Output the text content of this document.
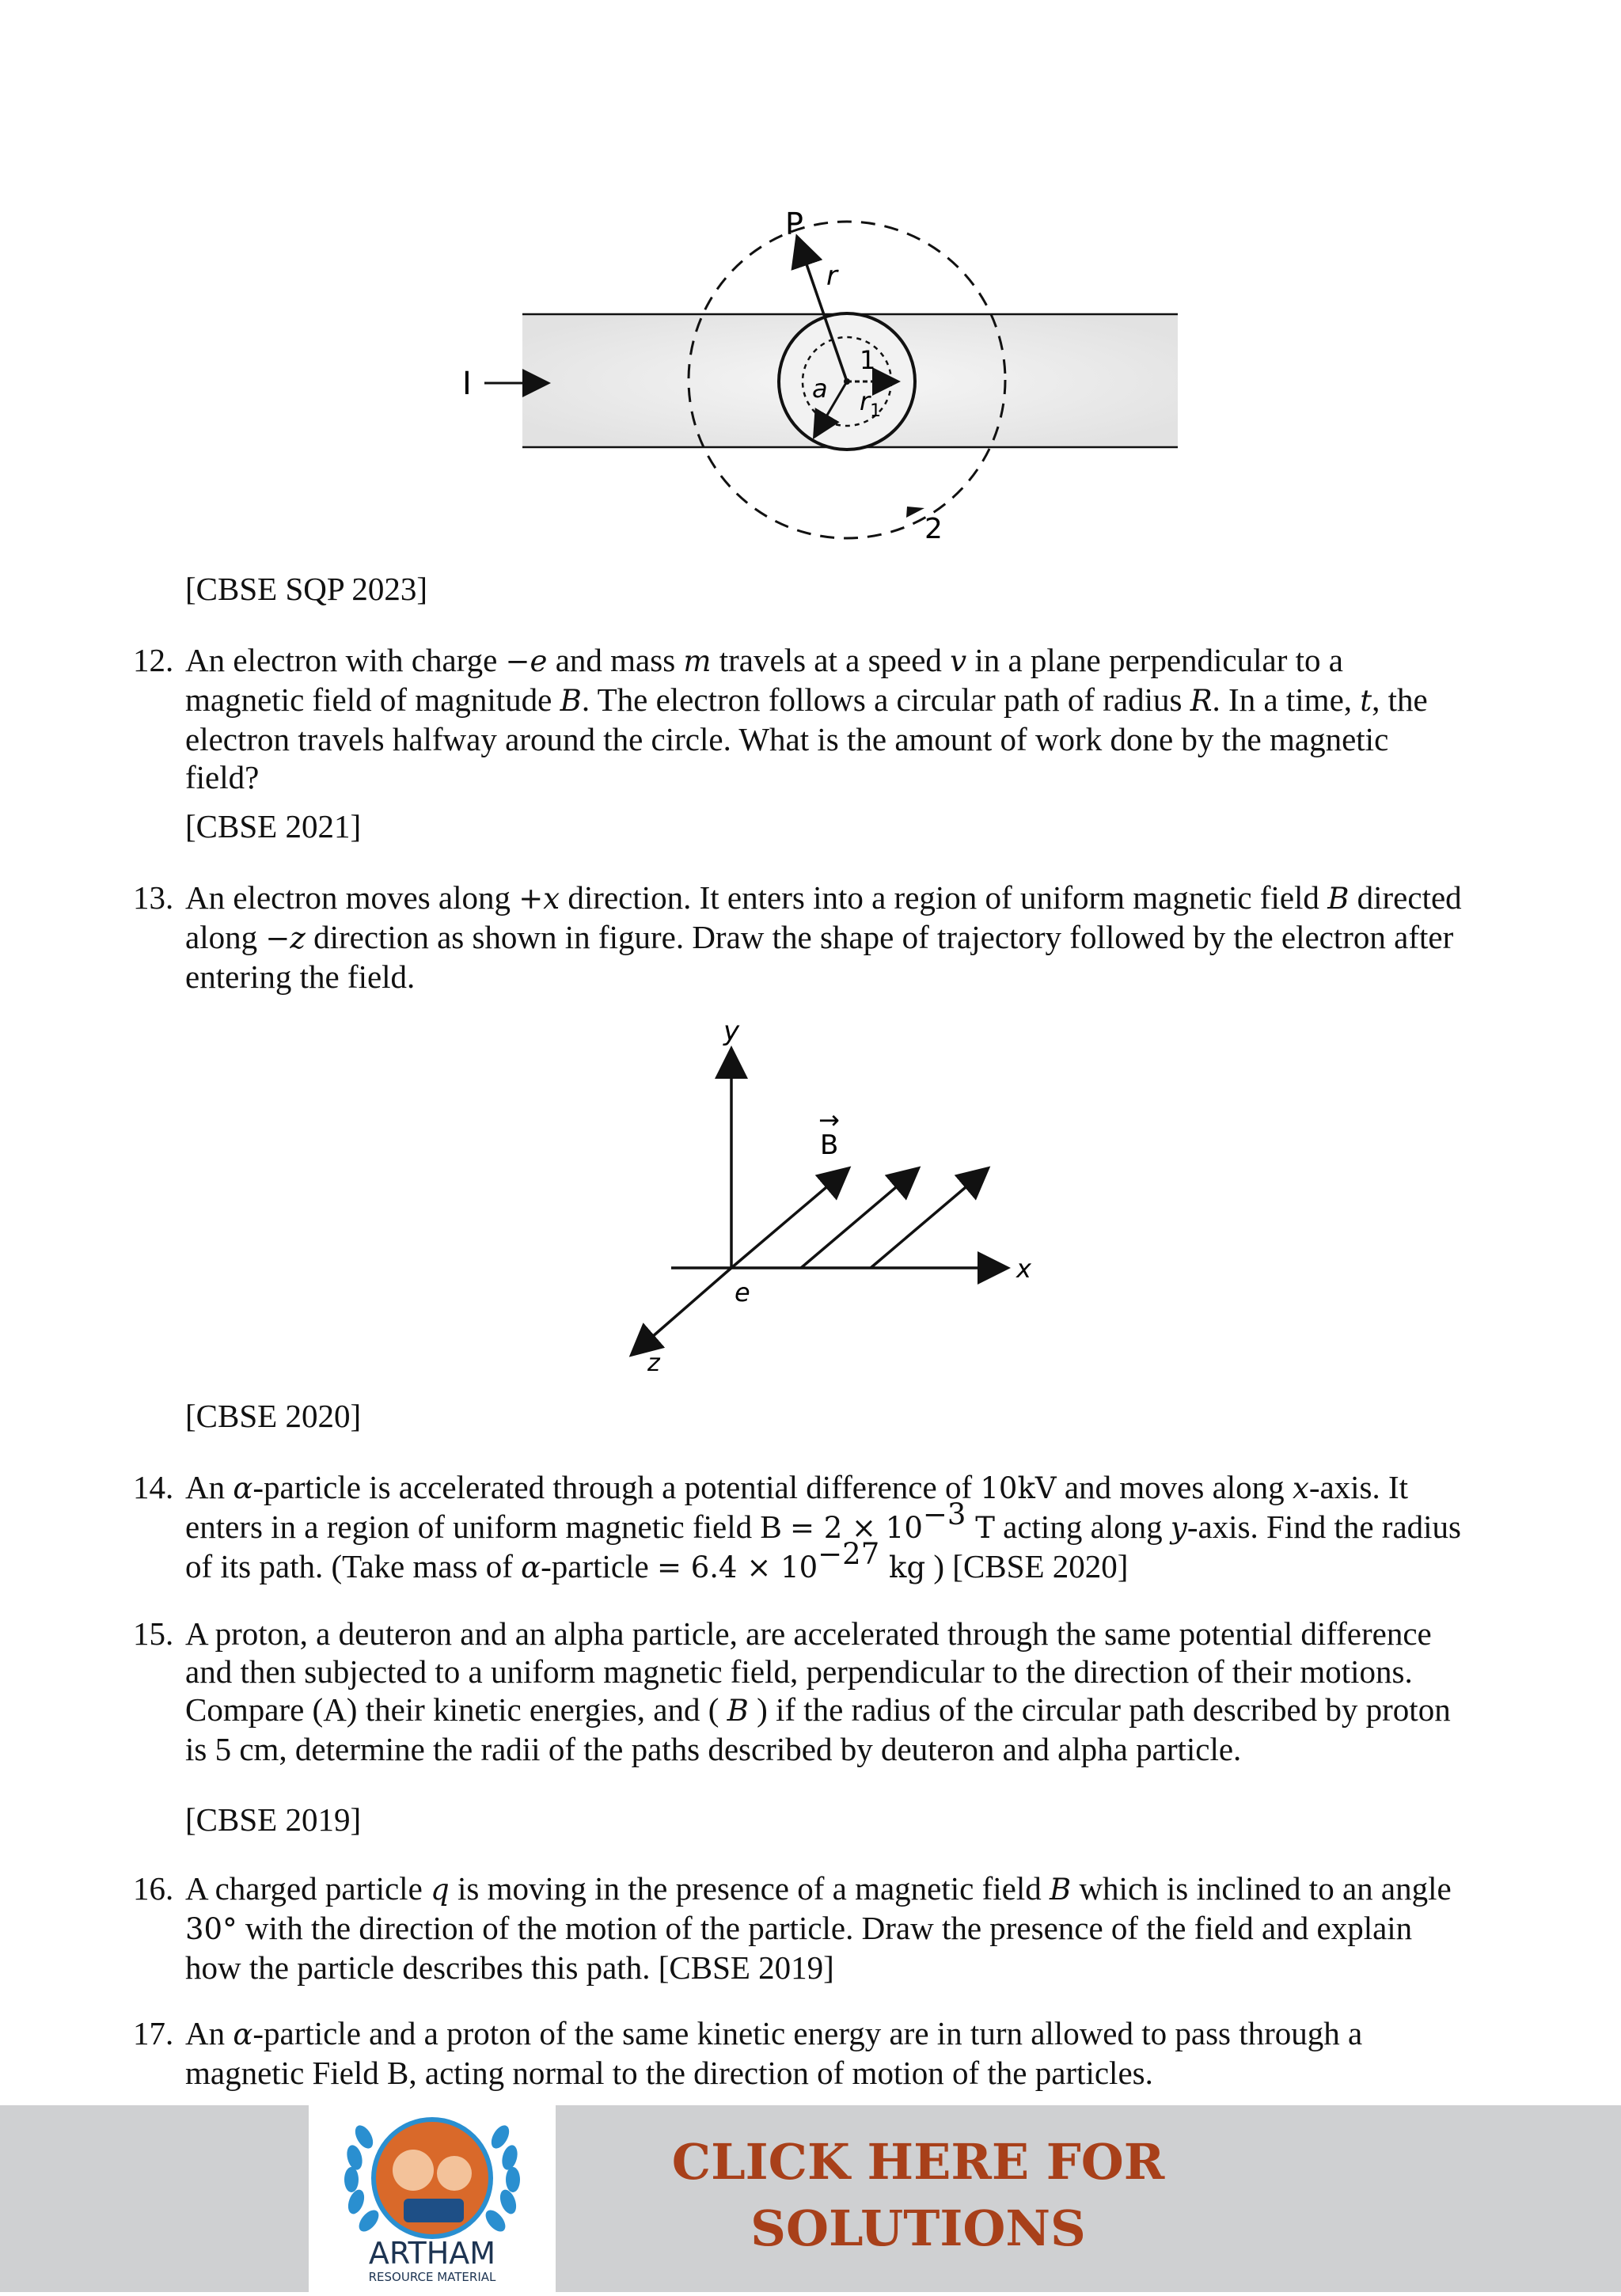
I
2
P
r
a
1
$r_1$
[CBSE SQP 2023]
12. An electron with charge −e and mass m travels at a speed v in a plane perpendicular to a
magnetic field of magnitude B. The electron follows a circular path of radius R. In a time, t, the
electron travels halfway around the circle. What is the amount of work done by the magnetic
field?
[CBSE 2021]
13. An electron moves along +x direction. It enters into a region of uniform magnetic field B directed
along −z direction as shown in figure. Draw the shape of trajectory followed by the electron after
entering the field.
y
x
z
e
→
B
[CBSE 2020]
14. An α-particle is accelerated through a potential difference of 10kV and moves along x-axis. It
enters in a region of uniform magnetic field $B = 2 \times 10^{-3}$ T acting along y-axis. Find the radius
of its path. (Take mass of α-particle = $6.4 \times 10^{-27}$ kg ) [CBSE 2020]
15. A proton, a deuteron and an alpha particle, are accelerated through the same potential difference
and then subjected to a uniform magnetic field, perpendicular to the direction of their motions.
Compare (A) their kinetic energies, and ( B ) if the radius of the circular path described by proton
is 5 cm, determine the radii of the paths described by deuteron and alpha particle.
[CBSE 2019]
16. A charged particle q is moving in the presence of a magnetic field B which is inclined to an angle
30° with the direction of the motion of the particle. Draw the presence of the field and explain
how the particle describes this path. [CBSE 2019]
17. An α-particle and a proton of the same kinetic energy are in turn allowed to pass through a
magnetic Field B, acting normal to the direction of motion of the particles.
ARTHAM
RESOURCE MATERIAL
CLICK HERE FOR
SOLUTIONS
